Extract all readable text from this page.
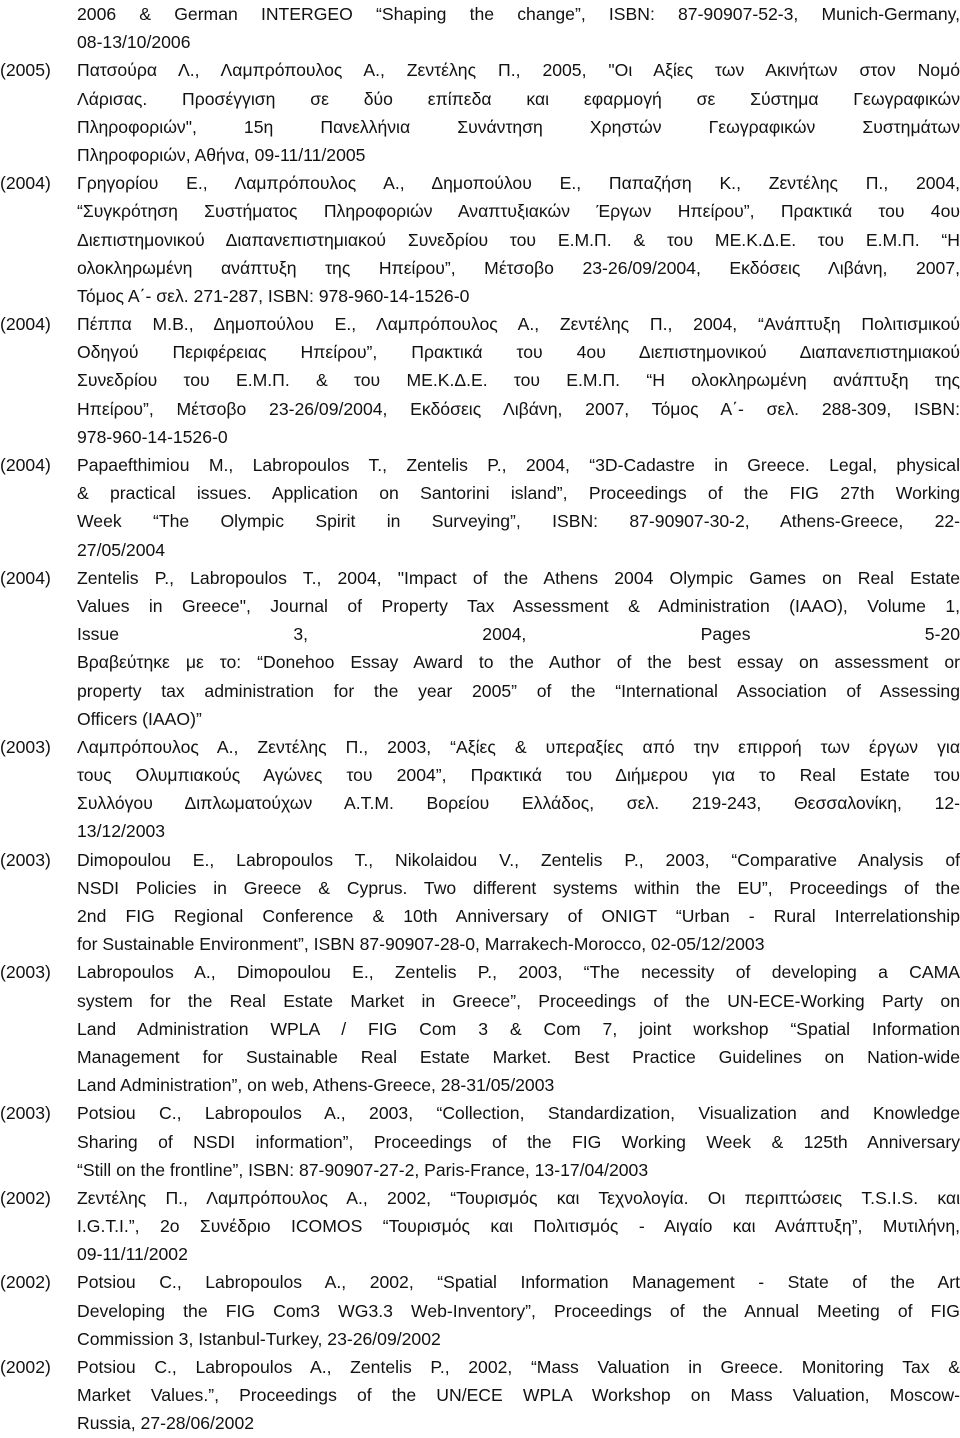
2006 & German INTERGEO “Shaping the change”, ISBN: 87-90907-52-3, Munich-Germany,
08-13/10/2006
(2005)	Πατσούρα Λ., Λαμπρόπουλος Α., Ζεντέλης Π., 2005, "Οι Αξίες των Ακινήτων στον Νομό
Λάρισας. Προσέγγιση σε δύο επίπεδα και εφαρμογή σε Σύστημα Γεωγραφικών
Πληροφοριών", 15η Πανελλήνια Συνάντηση Χρηστών Γεωγραφικών Συστημάτων
Πληροφοριών, Αθήνα, 09-11/11/2005
(2004)	Γρηγορίου Ε., Λαμπρόπουλος Α., Δημοπούλου Ε., Παπαζήση Κ., Ζεντέλης Π., 2004,
“Συγκρότηση Συστήματος Πληροφοριών Αναπτυξιακών Έργων Ηπείρου”, Πρακτικά του 4ου
Διεπιστημονικού Διαπανεπιστημιακού Συνεδρίου του Ε.Μ.Π. & του ΜΕ.Κ.Δ.Ε. του Ε.Μ.Π. “Η
ολοκληρωμένη ανάπτυξη της Ηπείρου”, Μέτσοβο 23-26/09/2004, Εκδόσεις Λιβάνη, 2007,
Τόμος Α΄- σελ. 271-287, ISBN: 978-960-14-1526-0
(2004)	Πέππα Μ.Β., Δημοπούλου Ε., Λαμπρόπουλος Α., Ζεντέλης Π., 2004, “Ανάπτυξη Πολιτισμικού
Οδηγού Περιφέρειας Ηπείρου”, Πρακτικά του 4ου Διεπιστημονικού Διαπανεπιστημιακού
Συνεδρίου του Ε.Μ.Π. & του ΜΕ.Κ.Δ.Ε. του Ε.Μ.Π. “Η ολοκληρωμένη ανάπτυξη της
Ηπείρου”, Μέτσοβο 23-26/09/2004, Εκδόσεις Λιβάνη, 2007, Τόμος Α΄- σελ. 288-309, ISBN:
978-960-14-1526-0
(2004)	Papaefthimiou M., Labropoulos T., Zentelis P., 2004, “3D-Cadastre in Greece. Legal, physical
& practical issues. Application on Santorini island”, Proceedings of the FIG 27th Working
Week “The Olympic Spirit in Surveying”, ISBN: 87-90907-30-2, Athens-Greece, 22-
27/05/2004
(2004)	Zentelis P., Labropoulos T., 2004, "Impact of the Athens 2004 Olympic Games on Real Estate
Values in Greece", Journal of Property Tax Assessment & Administration (IAAO), Volume 1,
Issue 3, 2004, Pages 5-20
Βραβεύτηκε με το: “Donehoo Essay Award to the Author of the best essay on assessment or
property tax administration for the year 2005” of the “International Association of Assessing
Officers (IAAO)”
(2003)	Λαμπρόπουλος Α., Ζεντέλης Π., 2003, “Αξίες & υπεραξίες από την επιρροή των έργων για
τους Ολυμπιακούς Αγώνες του 2004”, Πρακτικά του Διήμερου για το Real Estate του
Συλλόγου Διπλωματούχων Α.Τ.Μ. Βορείου Ελλάδος, σελ. 219-243, Θεσσαλονίκη, 12-
13/12/2003
(2003)	Dimopoulou E., Labropoulos T., Nikolaidou V., Zentelis P., 2003, “Comparative Analysis of
NSDI Policies in Greece & Cyprus. Two different systems within the EU”, Proceedings of the
2nd FIG Regional Conference & 10th Anniversary of ONIGT “Urban - Rural Interrelationship
for Sustainable Environment”, ISBN 87-90907-28-0, Marrakech-Morocco, 02-05/12/2003
(2003)	Labropoulos A., Dimopoulou E., Zentelis P., 2003, “The necessity of developing a CAMA
system for the Real Estate Market in Greece”, Proceedings of the UN-ECE-Working Party on
Land Administration WPLA / FIG Com 3 & Com 7, joint workshop “Spatial Information
Management for Sustainable Real Estate Market. Best Practice Guidelines on Nation-wide
Land Administration”, on web, Athens-Greece, 28-31/05/2003
(2003)	Potsiou C., Labropoulos A., 2003, “Collection, Standardization, Visualization and Knowledge
Sharing of NSDI information”, Proceedings of the FIG Working Week & 125th Anniversary
“Still on the frontline”, ISBN: 87-90907-27-2, Paris-France, 13-17/04/2003
(2002)	Ζεντέλης Π., Λαμπρόπουλος Α., 2002, “Τουρισμός και Τεχνολογία. Οι περιπτώσεις T.S.I.S. και
I.G.T.I.”, 2ο Συνέδριο ICOMOS “Τουρισμός και Πολιτισμός - Αιγαίο και Ανάπτυξη”, Μυτιλήνη,
09-11/11/2002
(2002)	Potsiou C., Labropoulos A., 2002, “Spatial Information Management - State of the Art
Developing the FIG Com3 WG3.3 Web-Inventory”, Proceedings of the Annual Meeting of FIG
Commission 3, Istanbul-Turkey, 23-26/09/2002
(2002)	Potsiou C., Labropoulos A., Zentelis P., 2002, “Mass Valuation in Greece. Monitoring Tax &
Market Values.”, Proceedings of the UN/ECE WPLA Workshop on Mass Valuation, Moscow-
Russia, 27-28/06/2002
